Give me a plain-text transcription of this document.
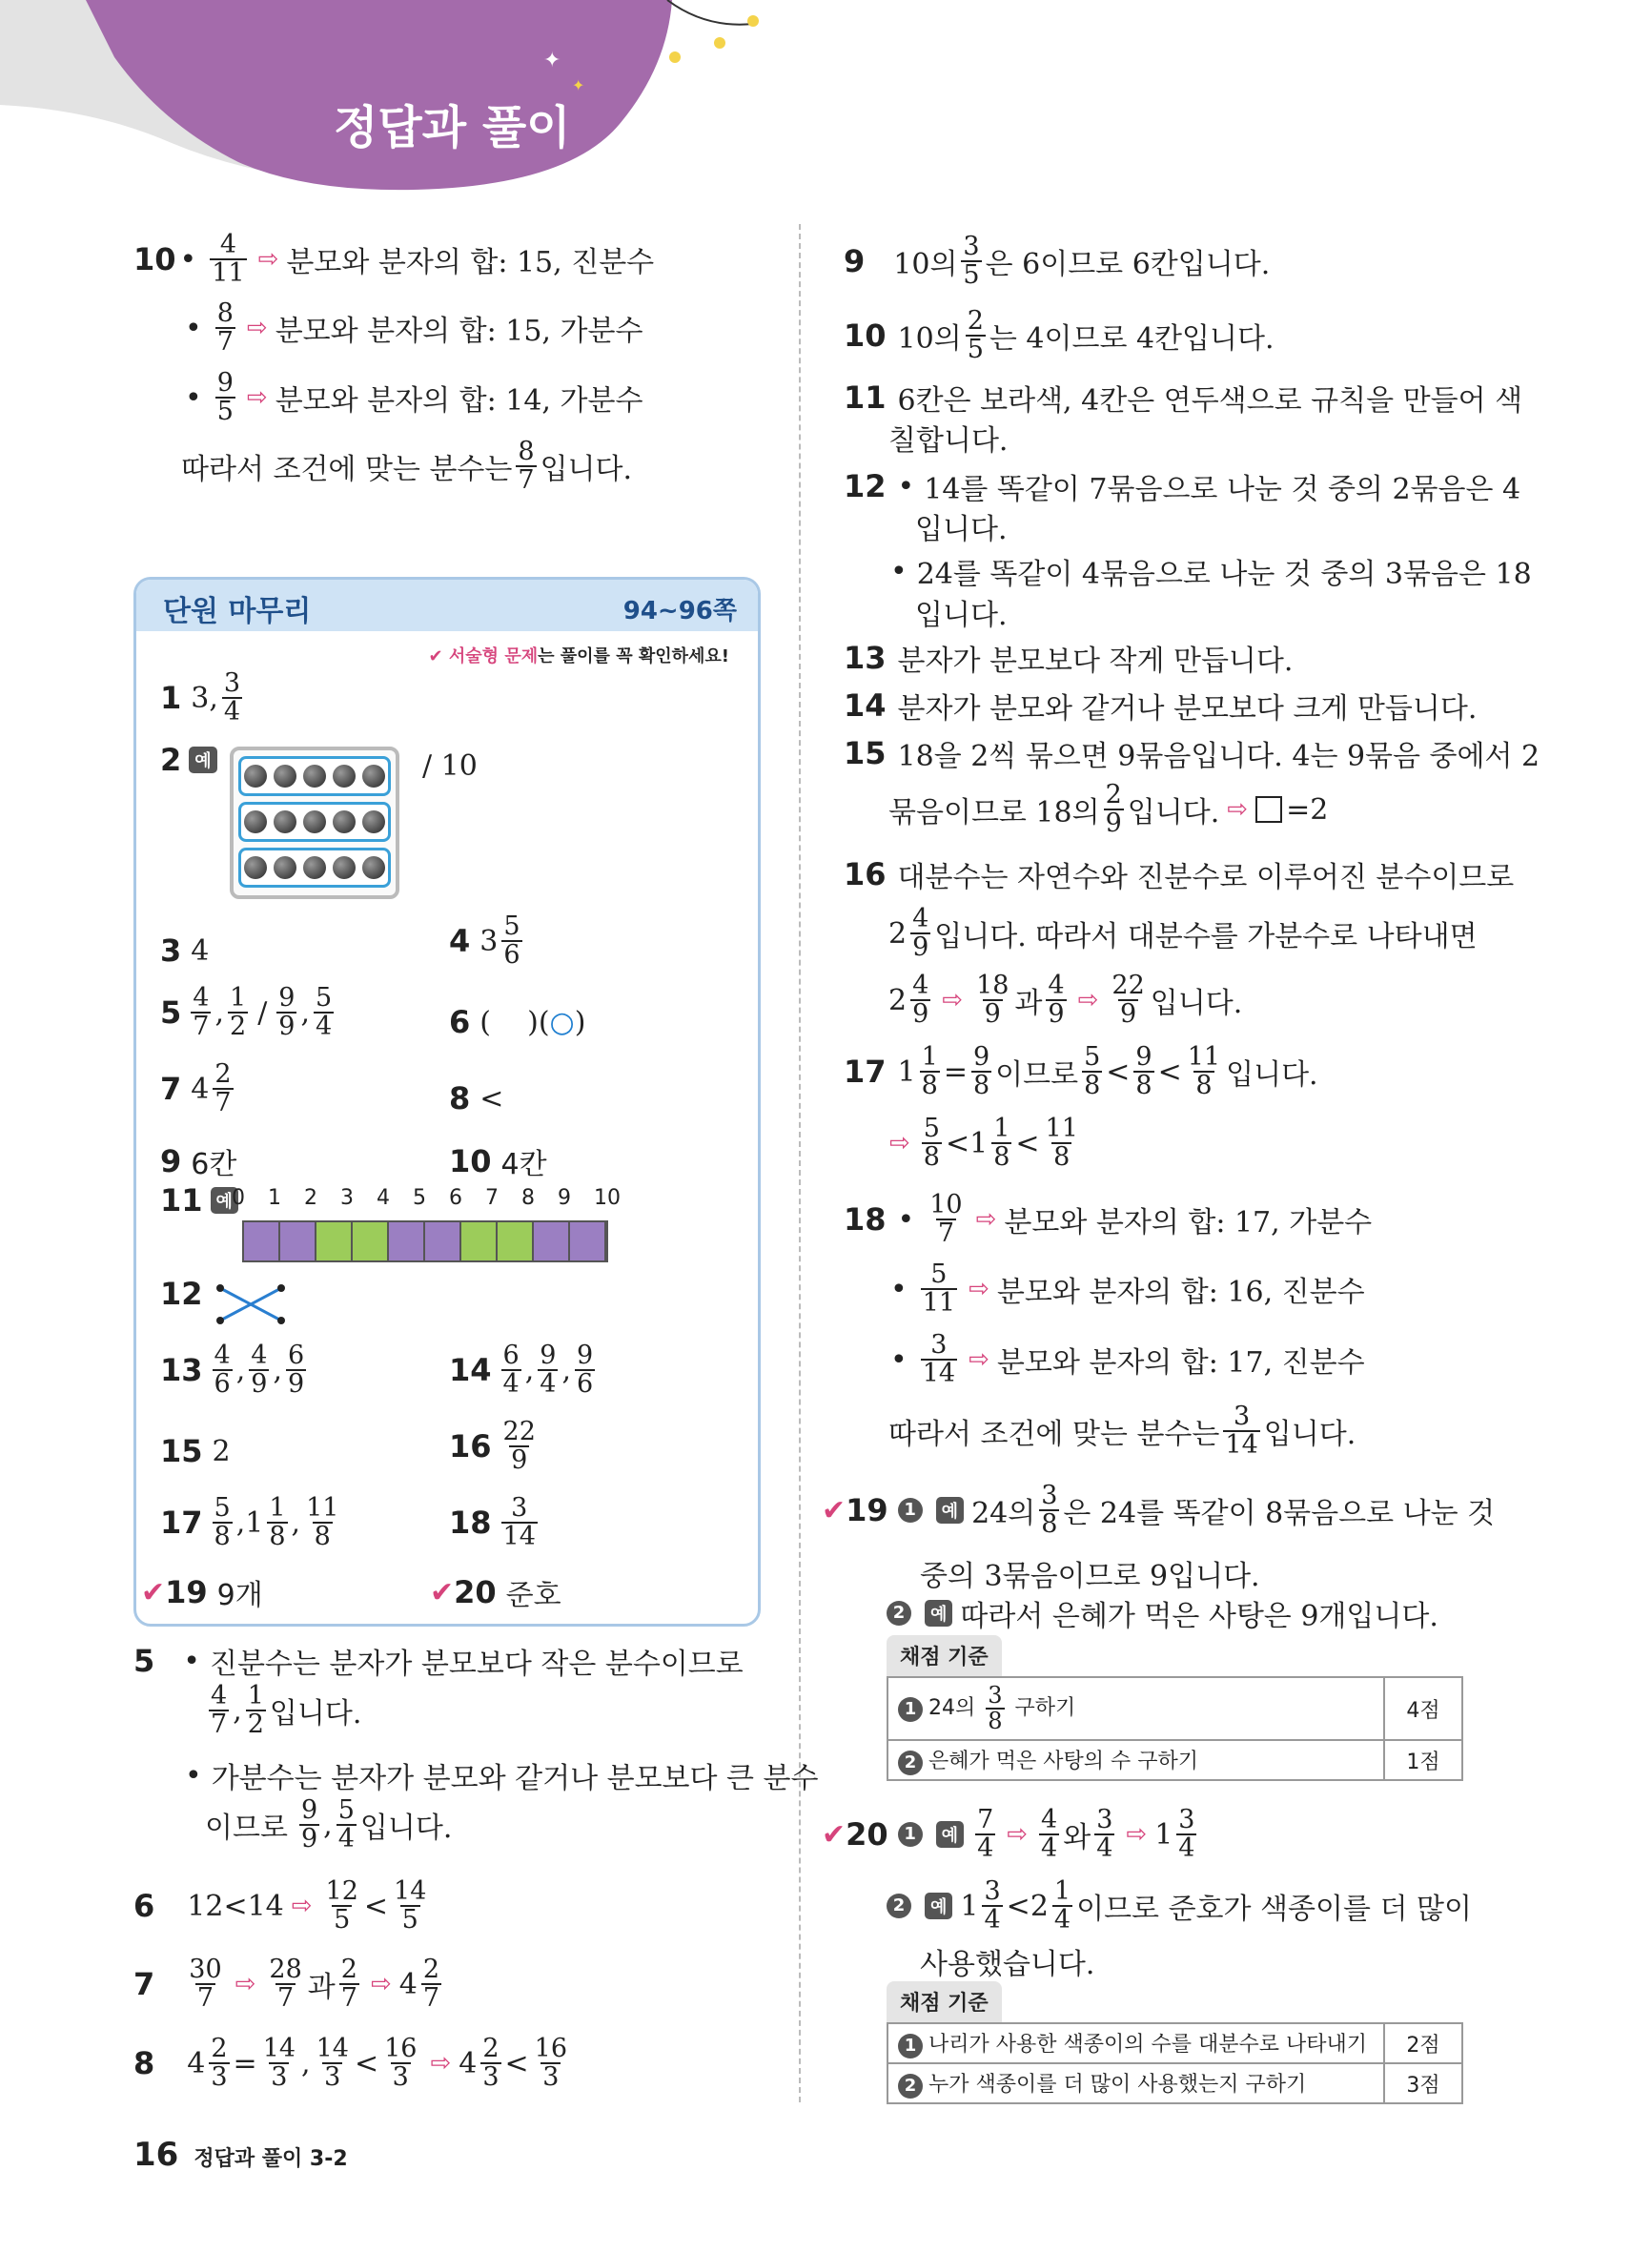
✦
✦
정답과 풀이
10 • $\frac{4}{11}$ ⇨ 분모와 분자의 합: 15, 진분수
• $\frac{8}{7}$ ⇨ 분모와 분자의 합: 15, 가분수
• $\frac{9}{5}$ ⇨ 분모와 분자의 합: 14, 가분수
따라서 조건에 맞는 분수는 $\frac{8}{7}$ 입니다.
단원 마무리	94~96쪽
✔ 서술형 문제는 풀이를 꼭 확인하세요!
1 3, $\frac{3}{4}$
2 예	/ 10
3 4	4 $3 \frac{5}{6}$
$5 \frac{4}{7}$ , $\frac{1}{2} / \frac{9}{9}$ , $\frac{5}{4}$	6 (    )( ○ )
7 $4 \frac{2}{7}$	8 <
9 6칸	10 4칸
11 예 0 1 2 3 4 5 6 7 8 9 10
12
$13 \frac{4}{6}$ , $\frac{4}{9}$ , $\frac{6}{9}$	$14 \frac{6}{4}$ , $\frac{9}{4}$ , $\frac{9}{6}$
15 2	$16 \frac{22}{9}$
$17 \frac{5}{8}$ , $1 \frac{1}{8}$ , $\frac{11}{8}$	$18 \frac{3}{14}$
✔ 19 9개	✔ 20 준호
5 • 진분수는 분자가 분모보다 작은 분수이므로
$\frac{4}{7}$ , $\frac{1}{2}$ 입니다.
• 가분수는 분자가 분모와 같거나 분모보다 큰 분수
이므로 $\frac{9}{9}$ , $\frac{5}{4}$ 입니다.
6 12<14 ⇨ $\frac{12}{5} < \frac{14}{5}$
$7 \frac{30}{7}$ ⇨ $\frac{28}{7}$ 과 $\frac{2}{7}$ ⇨ $4 \frac{2}{7}$
8 $4 \frac{2}{3} = \frac{14}{3}$ , $\frac{14}{3} < \frac{16}{3}$ ⇨ $4 \frac{2}{3} < \frac{16}{3}$
16 정답과 풀이 3-2
9 10의 $\frac{3}{5}$ 은 6이므로 6칸입니다.
10 10의 $\frac{2}{5}$ 는 4이므로 4칸입니다.
11 6칸은 보라색, 4칸은 연두색으로 규칙을 만들어 색
칠합니다.
12 • 14를 똑같이 7묶음으로 나눈 것 중의 2묶음은 4
입니다.
• 24를 똑같이 4묶음으로 나눈 것 중의 3묶음은 18
입니다.
13 분자가 분모보다 작게 만듭니다.
14 분자가 분모와 같거나 분모보다 크게 만듭니다.
15 18을 2씩 묶으면 9묶음입니다. 4는 9묶음 중에서 2
묶음이므로 18의 $\frac{2}{9}$ 입니다. ⇨ =2
16 대분수는 자연수와 진분수로 이루어진 분수이므로
$2 \frac{4}{9}$ 입니다. 따라서 대분수를 가분수로 나타내면
$2 \frac{4}{9}$ ⇨ $\frac{18}{9}$ 과 $\frac{4}{9}$ ⇨ $\frac{22}{9}$ 입니다.
17 $1 \frac{1}{8} = \frac{9}{8}$ 이므로 $\frac{5}{8} < \frac{9}{8} < \frac{11}{8}$ 입니다.
⇨ $\frac{5}{8} < 1 \frac{1}{8} < \frac{11}{8}$
18 • $\frac{10}{7}$ ⇨ 분모와 분자의 합: 17, 가분수
• $\frac{5}{11}$ ⇨ 분모와 분자의 합: 16, 진분수
• $\frac{3}{14}$ ⇨ 분모와 분자의 합: 17, 진분수
따라서 조건에 맞는 분수는 $\frac{3}{14}$ 입니다.
✔ 19 1	예 24의 $\frac{3}{8}$ 은 24를 똑같이 8묶음으로 나눈 것
중의 3묶음이므로 9입니다.
2	예 따라서 은혜가 먹은 사탕은 9개입니다.
채점 기준
1 24의 $\frac{3}{8}$ 구하기	4점
2 은혜가 먹은 사탕의 수 구하기	1점
✔ 20 1	예 $\frac{7}{4}$ ⇨ $\frac{4}{4}$ 와 $\frac{3}{4}$ ⇨ $1 \frac{3}{4}$
2	예 $1 \frac{3}{4} < 2 \frac{1}{4}$ 이므로 준호가 색종이를 더 많이
사용했습니다.
채점 기준
1 나리가 사용한 색종이의 수를 대분수로 나타내기	2점
2 누가 색종이를 더 많이 사용했는지 구하기	3점
